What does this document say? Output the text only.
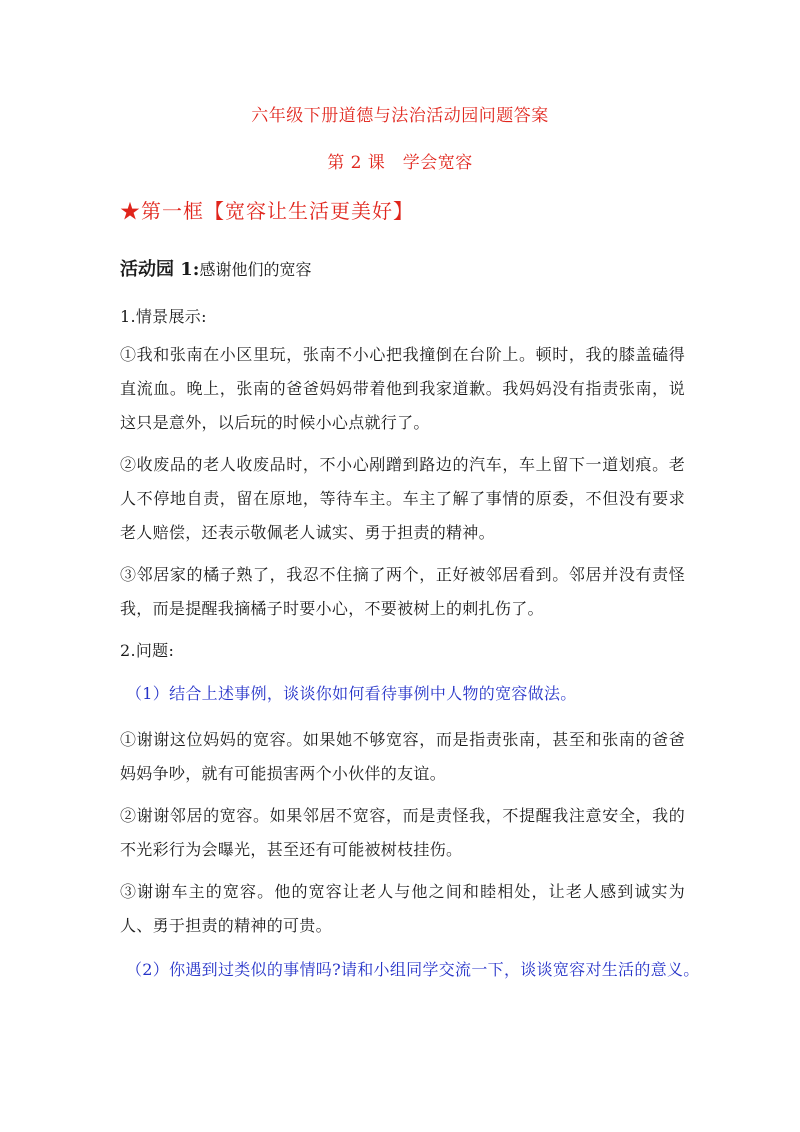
六年级下册道德与法治活动园问题答案
第 2 课　学会宽容
★第一框【宽容让生活更美好】
活动园 1:感谢他们的宽容
1.情景展示:
①我和张南在小区里玩，张南不小心把我撞倒在台阶上。顿时，我的膝盖磕得直流血。晚上，张南的爸爸妈妈带着他到我家道歉。我妈妈没有指责张南，说这只是意外，以后玩的时候小心点就行了。
②收废品的老人收废品时，不小心剐蹭到路边的汽车，车上留下一道划痕。老人不停地自责，留在原地，等待车主。车主了解了事情的原委，不但没有要求老人赔偿，还表示敬佩老人诚实、勇于担责的精神。
③邻居家的橘子熟了，我忍不住摘了两个，正好被邻居看到。邻居并没有责怪我，而是提醒我摘橘子时要小心，不要被树上的刺扎伤了。
2.问题:
（1）结合上述事例，谈谈你如何看待事例中人物的宽容做法。
①谢谢这位妈妈的宽容。如果她不够宽容，而是指责张南，甚至和张南的爸爸妈妈争吵，就有可能损害两个小伙伴的友谊。
②谢谢邻居的宽容。如果邻居不宽容，而是责怪我，不提醒我注意安全，我的不光彩行为会曝光，甚至还有可能被树枝挂伤。
③谢谢车主的宽容。他的宽容让老人与他之间和睦相处，让老人感到诚实为人、勇于担责的精神的可贵。
（2）你遇到过类似的事情吗?请和小组同学交流一下，谈谈宽容对生活的意义。
